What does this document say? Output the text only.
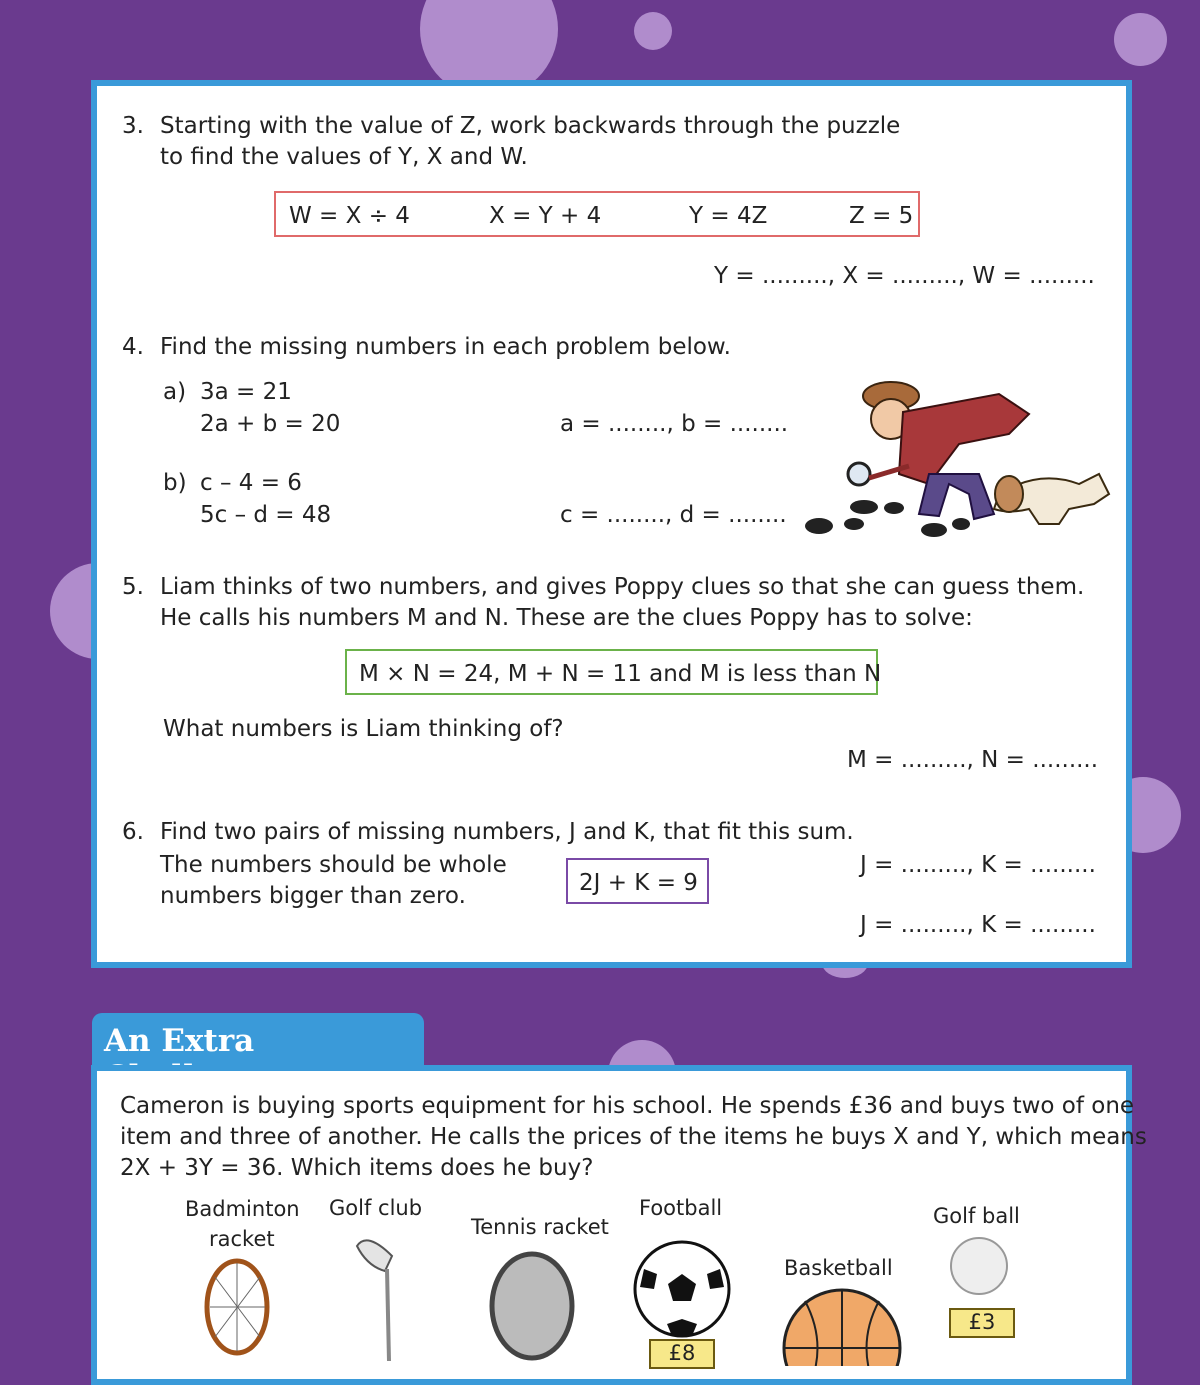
3. Starting with the value of Z, work backwards through the puzzle
to find the values of Y, X and W.
W = X ÷ 4	X = Y + 4	Y = 4Z	Z = 5
Y = ........., X = ........., W = .........
4. Find the missing numbers in each problem below.
a) 3a = 21
2a + b = 20	a = ........, b = ........
b) c – 4 = 6
5c – d = 48	c = ........, d = ........
5. Liam thinks of two numbers, and gives Poppy clues so that she can guess them.
He calls his numbers M and N. These are the clues Poppy has to solve:
M × N = 24, M + N = 11 and M is less than N
What numbers is Liam thinking of?
M = ........., N = .........
6. Find two pairs of missing numbers, J and K, that fit this sum.
The numbers should be whole
numbers bigger than zero.	2J + K = 9
J = ........., K = .........
J = ........., K = .........
An Extra
Cameron is buying sports equipment for his school. He spends £36 and buys two of one
item and three of another. He calls the prices of the items he buys X and Y, which means
2X + 3Y = 36. Which items does he buy?
Badminton
racket
Golf club
Tennis racket
Football
Basketball
Golf ball
£8
£3
